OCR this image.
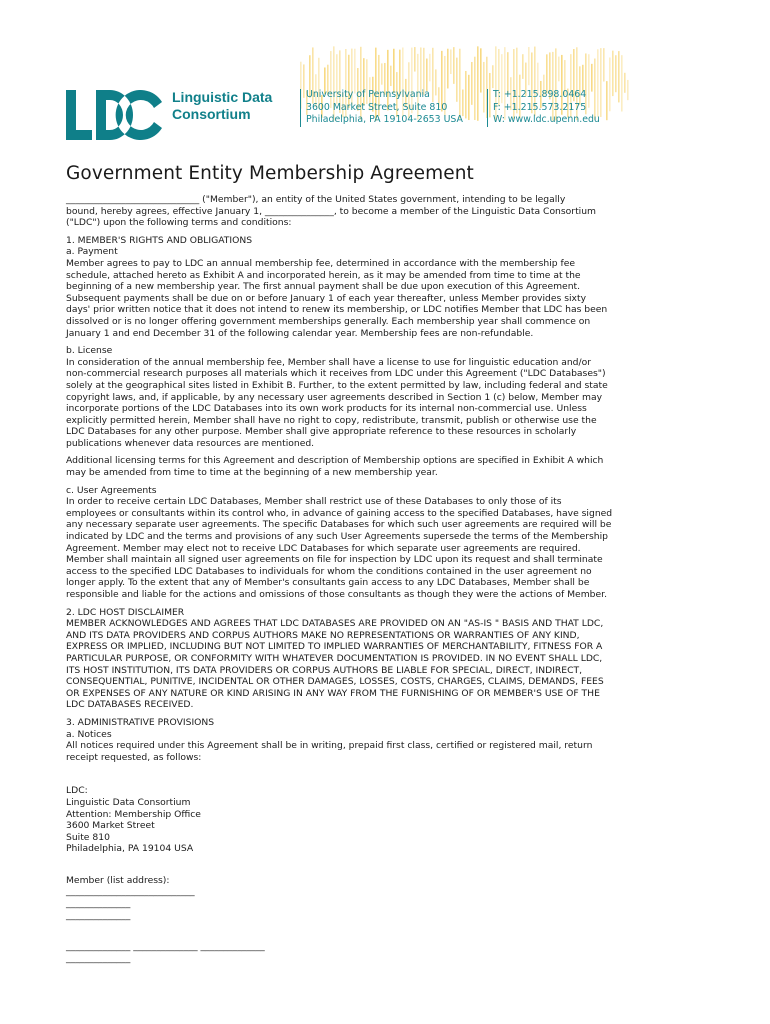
Linguistic Data
Consortium
University of Pennsylvania
3600 Market Street, Suite 810
Philadelphia, PA 19104-2653 USA
T: +1.215.898.0464
F: +1.215.573.2175
W: www.ldc.upenn.edu
Government Entity Membership Agreement

_____________________________ ("Member"), an entity of the United States government, intending to be legally
bound, hereby agrees, effective January 1, _______________, to become a member of the Linguistic Data Consortium
("LDC") upon the following terms and conditions:

1. MEMBER'S RIGHTS AND OBLIGATIONS

a. Payment

Member agrees to pay to LDC an annual membership fee, determined in accordance with the membership fee
schedule, attached hereto as Exhibit A and incorporated herein, as it may be amended from time to time at the
beginning of a new membership year. The first annual payment shall be due upon execution of this Agreement.
Subsequent payments shall be due on or before January 1 of each year thereafter, unless Member provides sixty
days' prior written notice that it does not intend to renew its membership, or LDC notifies Member that LDC has been
dissolved or is no longer offering government memberships generally. Each membership year shall commence on
January 1 and end December 31 of the following calendar year. Membership fees are non-refundable.

b. License

In consideration of the annual membership fee, Member shall have a license to use for linguistic education and/or
non-commercial research purposes all materials which it receives from LDC under this Agreement ("LDC Databases")
solely at the geographical sites listed in Exhibit B. Further, to the extent permitted by law, including federal and state
copyright laws, and, if applicable, by any necessary user agreements described in Section 1 (c) below, Member may
incorporate portions of the LDC Databases into its own work products for its internal non-commercial use. Unless
explicitly permitted herein, Member shall have no right to copy, redistribute, transmit, publish or otherwise use the
LDC Databases for any other purpose. Member shall give appropriate reference to these resources in scholarly
publications whenever data resources are mentioned.

Additional licensing terms for this Agreement and description of Membership options are specified in Exhibit A which
may be amended from time to time at the beginning of a new membership year.

c. User Agreements

In order to receive certain LDC Databases, Member shall restrict use of these Databases to only those of its
employees or consultants within its control who, in advance of gaining access to the specified Databases, have signed
any necessary separate user agreements. The specific Databases for which such user agreements are required will be
indicated by LDC and the terms and provisions of any such User Agreements supersede the terms of the Membership
Agreement. Member may elect not to receive LDC Databases for which separate user agreements are required.
Member shall maintain all signed user agreements on file for inspection by LDC upon its request and shall terminate
access to the specified LDC Databases to individuals for whom the conditions contained in the user agreement no
longer apply. To the extent that any of Member's consultants gain access to any LDC Databases, Member shall be
responsible and liable for the actions and omissions of those consultants as though they were the actions of Member.

2. LDC HOST DISCLAIMER

MEMBER ACKNOWLEDGES AND AGREES THAT LDC DATABASES ARE PROVIDED ON AN "AS-IS " BASIS AND THAT LDC,
AND ITS DATA PROVIDERS AND CORPUS AUTHORS MAKE NO REPRESENTATIONS OR WARRANTIES OF ANY KIND,
EXPRESS OR IMPLIED, INCLUDING BUT NOT LIMITED TO IMPLIED WARRANTIES OF MERCHANTABILITY, FITNESS FOR A
PARTICULAR PURPOSE, OR CONFORMITY WITH WHATEVER DOCUMENTATION IS PROVIDED. IN NO EVENT SHALL LDC,
ITS HOST INSTITUTION, ITS DATA PROVIDERS OR CORPUS AUTHORS BE LIABLE FOR SPECIAL, DIRECT, INDIRECT,
CONSEQUENTIAL, PUNITIVE, INCIDENTAL OR OTHER DAMAGES, LOSSES, COSTS, CHARGES, CLAIMS, DEMANDS, FEES
OR EXPENSES OF ANY NATURE OR KIND ARISING IN ANY WAY FROM THE FURNISHING OF OR MEMBER'S USE OF THE
LDC DATABASES RECEIVED.

3. ADMINISTRATIVE PROVISIONS

a. Notices

All notices required under this Agreement shall be in writing, prepaid first class, certified or registered mail, return
receipt requested, as follows:

LDC:
Linguistic Data Consortium
Attention: Membership Office
3600 Market Street
Suite 810
Philadelphia, PA 19104 USA

Member (list address):

____________________________
______________
______________

______________ ______________ ______________
______________
